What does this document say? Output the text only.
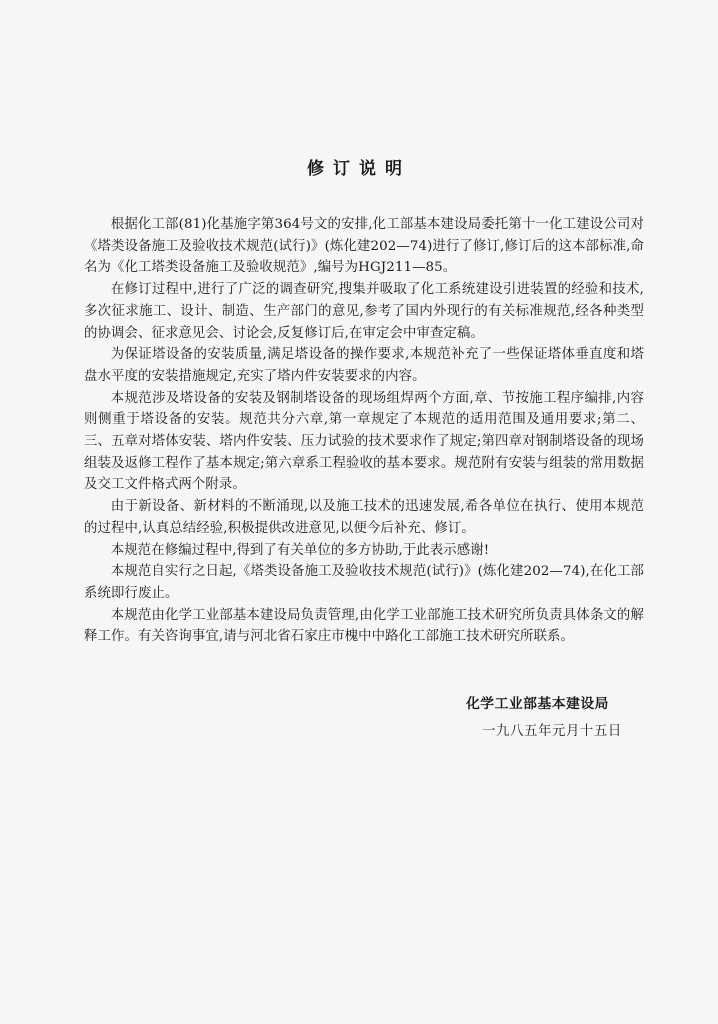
修订说明

根据化工部(81)化基施字第364号文的安排,化工部基本建设局委托第十一化工建设公司对《塔类设备施工及验收技术规范(试行)》(炼化建202—74)进行了修订,修订后的这本部标准,命名为《化工塔类设备施工及验收规范》,编号为HGJ211—85。

在修订过程中,进行了广泛的调查研究,搜集并吸取了化工系统建设引进装置的经验和技术,多次征求施工、设计、制造、生产部门的意见,参考了国内外现行的有关标准规范,经各种类型的协调会、征求意见会、讨论会,反复修订后,在审定会中审查定稿。

为保证塔设备的安装质量,满足塔设备的操作要求,本规范补充了一些保证塔体垂直度和塔盘水平度的安装措施规定,充实了塔内件安装要求的内容。

本规范涉及塔设备的安装及钢制塔设备的现场组焊两个方面,章、节按施工程序编排,内容则侧重于塔设备的安装。规范共分六章,第一章规定了本规范的适用范围及通用要求;第二、三、五章对塔体安装、塔内件安装、压力试验的技术要求作了规定;第四章对钢制塔设备的现场组装及返修工程作了基本规定;第六章系工程验收的基本要求。规范附有安装与组装的常用数据及交工文件格式两个附录。

由于新设备、新材料的不断涌现,以及施工技术的迅速发展,希各单位在执行、使用本规范的过程中,认真总结经验,积极提供改进意见,以便今后补充、修订。

本规范在修编过程中,得到了有关单位的多方协助,于此表示感谢!

本规范自实行之日起,《塔类设备施工及验收技术规范(试行)》(炼化建202—74),在化工部系统即行废止。

本规范由化学工业部基本建设局负责管理,由化学工业部施工技术研究所负责具体条文的解释工作。有关咨询事宜,请与河北省石家庄市槐中中路化工部施工技术研究所联系。

化学工业部基本建设局

一九八五年元月十五日
